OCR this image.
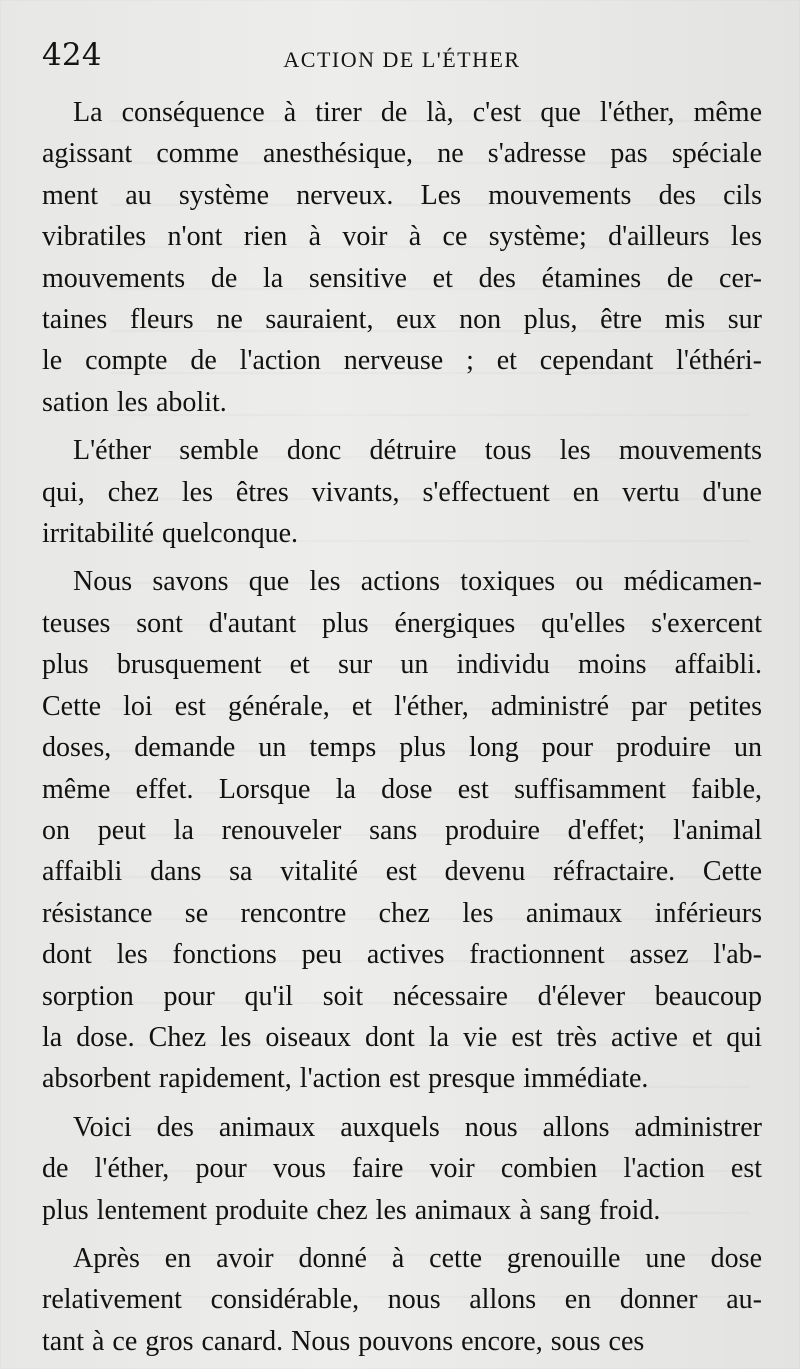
424	ACTION DE L'ÉTHER

La conséquence à tirer de là, c'est que l'éther, même
agissant comme anesthésique, ne s'adresse pas spéciale
ment au système nerveux. Les mouvements des cils
vibratiles n'ont rien à voir à ce système; d'ailleurs les
mouvements de la sensitive et des étamines de cer-
taines fleurs ne sauraient, eux non plus, être mis sur
le compte de l'action nerveuse ; et cependant l'éthéri-
sation les abolit.

L'éther semble donc détruire tous les mouvements
qui, chez les êtres vivants, s'effectuent en vertu d'une
irritabilité quelconque.

Nous savons que les actions toxiques ou médicamen-
teuses sont d'autant plus énergiques qu'elles s'exercent
plus brusquement et sur un individu moins affaibli.
Cette loi est générale, et l'éther, administré par petites
doses, demande un temps plus long pour produire un
même effet. Lorsque la dose est suffisamment faible,
on peut la renouveler sans produire d'effet; l'animal
affaibli dans sa vitalité est devenu réfractaire. Cette
résistance se rencontre chez les animaux inférieurs
dont les fonctions peu actives fractionnent assez l'ab-
sorption pour qu'il soit nécessaire d'élever beaucoup
la dose. Chez les oiseaux dont la vie est très active et qui
absorbent rapidement, l'action est presque immédiate.

Voici des animaux auxquels nous allons administrer
de l'éther, pour vous faire voir combien l'action est
plus lentement produite chez les animaux à sang froid.

Après en avoir donné à cette grenouille une dose
relativement considérable, nous allons en donner au-
tant à ce gros canard. Nous pouvons encore, sous ces
